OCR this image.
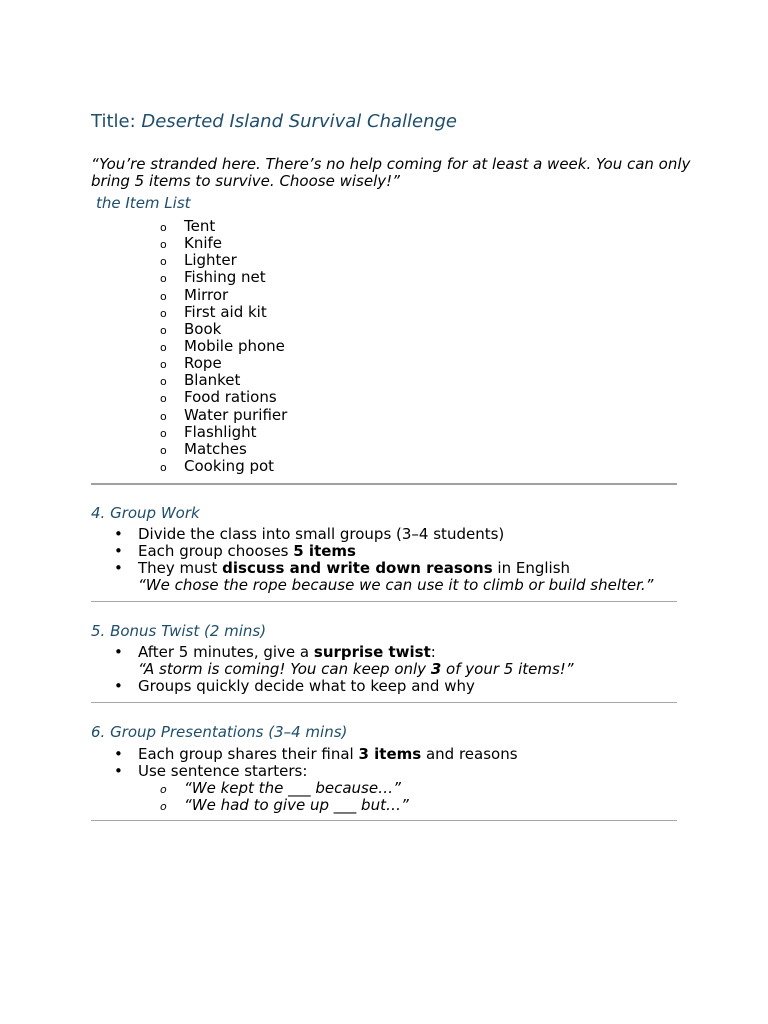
Title: Deserted Island Survival Challenge

“You’re stranded here. There’s no help coming for at least a week. You can only bring 5 items to survive. Choose wisely!”

the Item List

o Tent
o Knife
o Lighter
o Fishing net
o Mirror
o First aid kit
o Book
o Mobile phone
o Rope
o Blanket
o Food rations
o Water purifier
o Flashlight
o Matches
o Cooking pot
4. Group Work
• Divide the class into small groups (3–4 students)
• Each group chooses 5 items
• They must discuss and write down reasons in English
“We chose the rope because we can use it to climb or build shelter.”
5. Bonus Twist (2 mins)
• After 5 minutes, give a surprise twist:
“A storm is coming! You can keep only 3 of your 5 items!”
• Groups quickly decide what to keep and why
6. Group Presentations (3–4 mins)
• Each group shares their final 3 items and reasons
• Use sentence starters:
o “We kept the ___ because…”
o “We had to give up ___ but…”
